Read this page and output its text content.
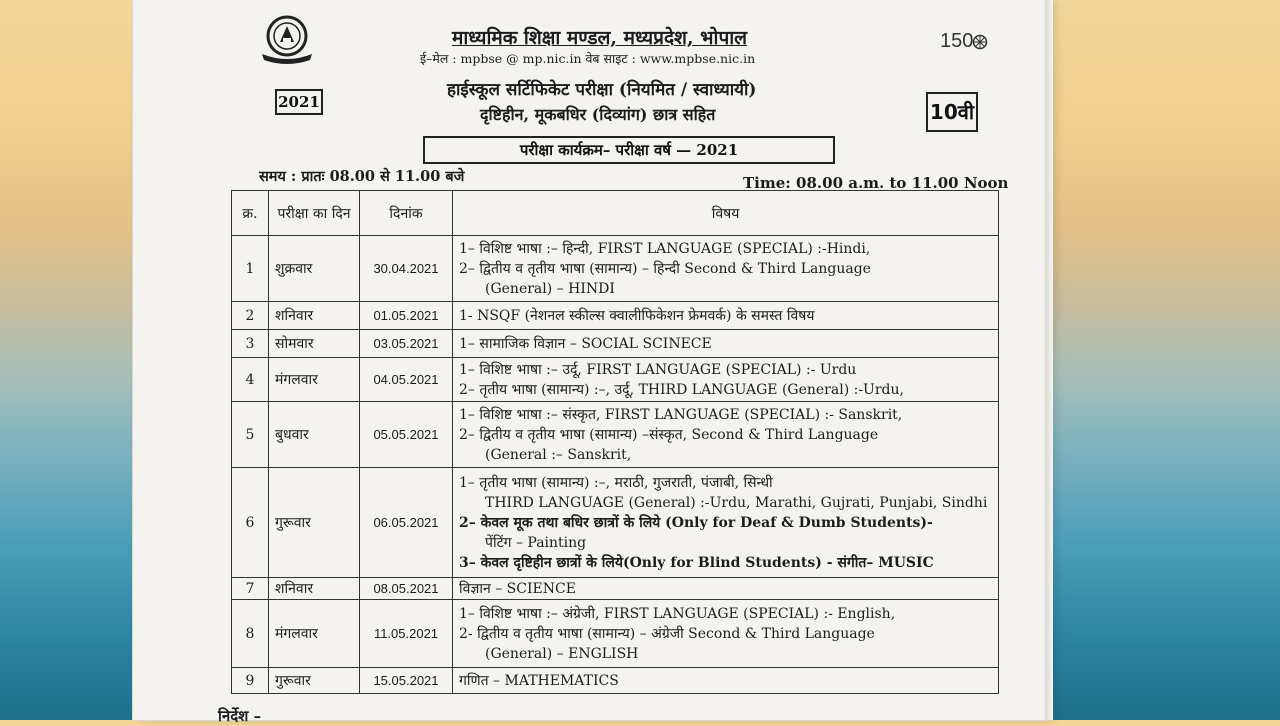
150
माध्यमिक शिक्षा मण्डल, मध्यप्रदेश, भोपाल
ई–मेल : mpbse @ mp.nic.in वेब साइट : www.mpbse.nic.in
हाईस्कूल सर्टिफिकेट परीक्षा (नियमित / स्वाध्यायी)
दृष्टिहीन, मूकबधिर (दिव्यांग) छात्र सहित
2021	10वी
परीक्षा कार्यक्रम– परीक्षा वर्ष — 2021
समय : प्रातः 08.00 से 11.00 बजे	Time: 08.00 a.m. to 11.00 Noon
क्र.	परीक्षा का दिन	दिनांक	विषय
1	शुक्रवार	30.04.2021	1– विशिष्ट भाषा :– हिन्दी, FIRST LANGUAGE (SPECIAL) :-Hindi,
2– द्वितीय व तृतीय भाषा (सामान्य) – हिन्दी Second & Third Language
(General) – HINDI

2	शनिवार	01.05.2021	1- NSQF (नेशनल स्कील्स क्वालीफिकेशन फ्रेमवर्क) के समस्त विषय

3	सोमवार	03.05.2021	1– सामाजिक विज्ञान – SOCIAL SCINECE

4	मंगलवार	04.05.2021	1– विशिष्ट भाषा :– उर्दू, FIRST LANGUAGE (SPECIAL) :- Urdu
2– तृतीय भाषा (सामान्य) :–, उर्दू, THIRD LANGUAGE (General) :-Urdu,

5	बुधवार	05.05.2021	1– विशिष्ट भाषा :– संस्कृत, FIRST LANGUAGE (SPECIAL) :- Sanskrit,
2– द्वितीय व तृतीय भाषा (सामान्य) –संस्कृत, Second & Third Language
(General :– Sanskrit,

6	गुरूवार	06.05.2021	1– तृतीय भाषा (सामान्य) :–, मराठी, गुजराती, पंजाबी, सिन्धी
THIRD LANGUAGE (General) :-Urdu, Marathi, Gujrati, Punjabi, Sindhi
2– केवल मूक तथा बधिर छात्रों के लिये (Only for Deaf & Dumb Students)-
पेंटिंग – Painting
3– केवल दृष्टिहीन छात्रों के लिये(Only for Blind Students) - संगीत– MUSIC

7	शनिवार	08.05.2021	विज्ञान – SCIENCE

8	मंगलवार	11.05.2021	1– विशिष्ट भाषा :– अंग्रेजी, FIRST LANGUAGE (SPECIAL) :- English,
2- द्वितीय व तृतीय भाषा (सामान्य) – अंग्रेजी Second & Third Language
(General) – ENGLISH

9	गुरूवार	15.05.2021	गणित – MATHEMATICS
निर्देश –
